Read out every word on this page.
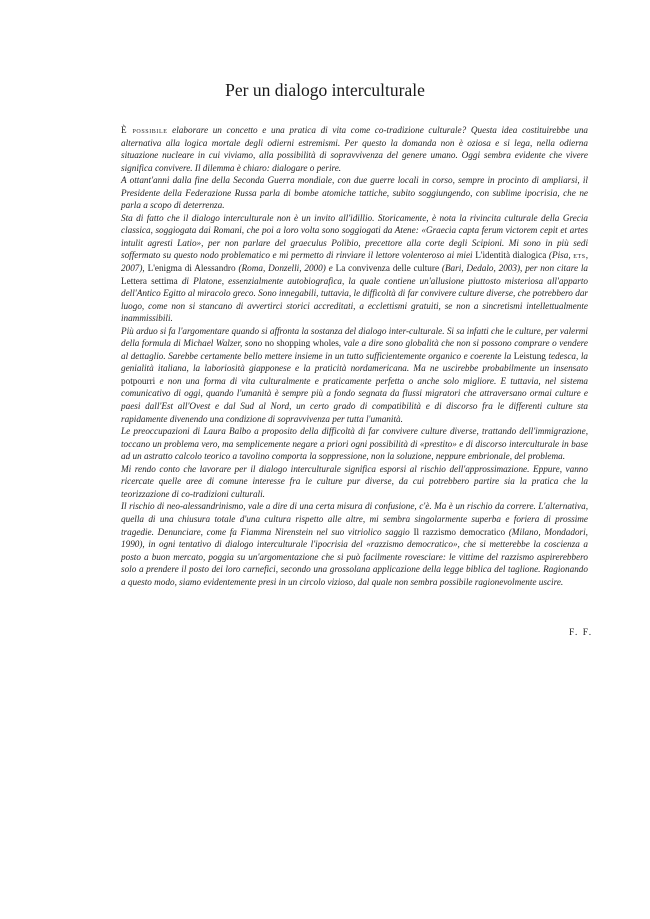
Per un dialogo interculturale

È possibile elaborare un concetto e una pratica di vita come co-tradizione culturale? Questa idea costituirebbe una alternativa alla logica mortale degli odierni estremismi. Per questo la domanda non è oziosa e si lega, nella odierna situazione nucleare in cui viviamo, alla possibilità di sopravvivenza del genere umano. Oggi sembra evidente che vivere significa convivere. Il dilemma è chiaro: dialogare o perire.

A ottant'anni dalla fine della Seconda Guerra mondiale, con due guerre locali in corso, sempre in procinto di ampliarsi, il Presidente della Federazione Russa parla di bombe atomiche tattiche, subito soggiungendo, con sublime ipocrisia, che ne parla a scopo di deterrenza.

Sta di fatto che il dialogo interculturale non è un invito all'idillio. Storicamente, è nota la rivincita culturale della Grecia classica, soggiogata dai Romani, che poi a loro volta sono soggiogati da Atene: «Graecia capta ferum victorem cepit et artes intulit agresti Latio», per non parlare del graeculus Polibio, precettore alla corte degli Scipioni. Mi sono in più sedi soffermato su questo nodo problematico e mi permetto di rinviare il lettore volenteroso ai miei L'identità dialogica (Pisa, ets, 2007), L'enigma di Alessandro (Roma, Donzelli, 2000) e La convivenza delle culture (Bari, Dedalo, 2003), per non citare la Lettera settima di Platone, essenzialmente autobiografica, la quale contiene un'allusione piuttosto misteriosa all'apparto dell'Antico Egitto al miracolo greco. Sono innegabili, tuttavia, le difficoltà di far convivere culture diverse, che potrebbero dar luogo, come non si stancano di avvertirci storici accreditati, a ecclettismi gratuiti, se non a sincretismi intellettualmente inammissibili.

Più arduo si fa l'argomentare quando si affronta la sostanza del dialogo inter-culturale. Si sa infatti che le culture, per valermi della formula di Michael Walzer, sono no shopping wholes, vale a dire sono globalità che non si possono comprare o vendere al dettaglio. Sarebbe certamente bello mettere insieme in un tutto sufficientemente organico e coerente la Leistung tedesca, la genialità italiana, la laboriosità giapponese e la praticità nordamericana. Ma ne uscirebbe probabilmente un insensato potpourri e non una forma di vita culturalmente e praticamente perfetta o anche solo migliore. E tuttavia, nel sistema comunicativo di oggi, quando l'umanità è sempre più a fondo segnata da flussi migratori che attraversano ormai culture e paesi dall'Est all'Ovest e dal Sud al Nord, un certo grado di compatibilità e di discorso fra le differenti culture sta rapidamente divenendo una condizione di sopravvivenza per tutta l'umanità.

Le preoccupazioni di Laura Balbo a proposito della difficoltà di far convivere culture diverse, trattando dell'immigrazione, toccano un problema vero, ma semplicemente negare a priori ogni possibilità di «prestito» e di discorso interculturale in base ad un astratto calcolo teorico a tavolino comporta la soppressione, non la soluzione, neppure embrionale, del problema.

Mi rendo conto che lavorare per il dialogo interculturale significa esporsi al rischio dell'approssimazione. Eppure, vanno ricercate quelle aree di comune interesse fra le culture pur diverse, da cui potrebbero partire sia la pratica che la teorizzazione di co-tradizioni culturali.

Il rischio di neo-alessandrinismo, vale a dire di una certa misura di confusione, c'è. Ma è un rischio da correre. L'alternativa, quella di una chiusura totale d'una cultura rispetto alle altre, mi sembra singolarmente superba e foriera di prossime tragedie. Denunciare, come fa Fiamma Nirenstein nel suo vitriolico saggio Il razzismo democratico (Milano, Mondadori, 1990), in ogni tentativo di dialogo interculturale l'ipocrisia del «razzismo democratico», che si metterebbe la coscienza a posto a buon mercato, poggia su un'argomentazione che si può facilmente rovesciare: le vittime del razzismo aspirerebbero solo a prendere il posto dei loro carnefici, secondo una grossolana applicazione della legge biblica del taglione. Ragionando a questo modo, siamo evidentemente presi in un circolo vizioso, dal quale non sembra possibile ragionevolmente uscire.

F. F.
